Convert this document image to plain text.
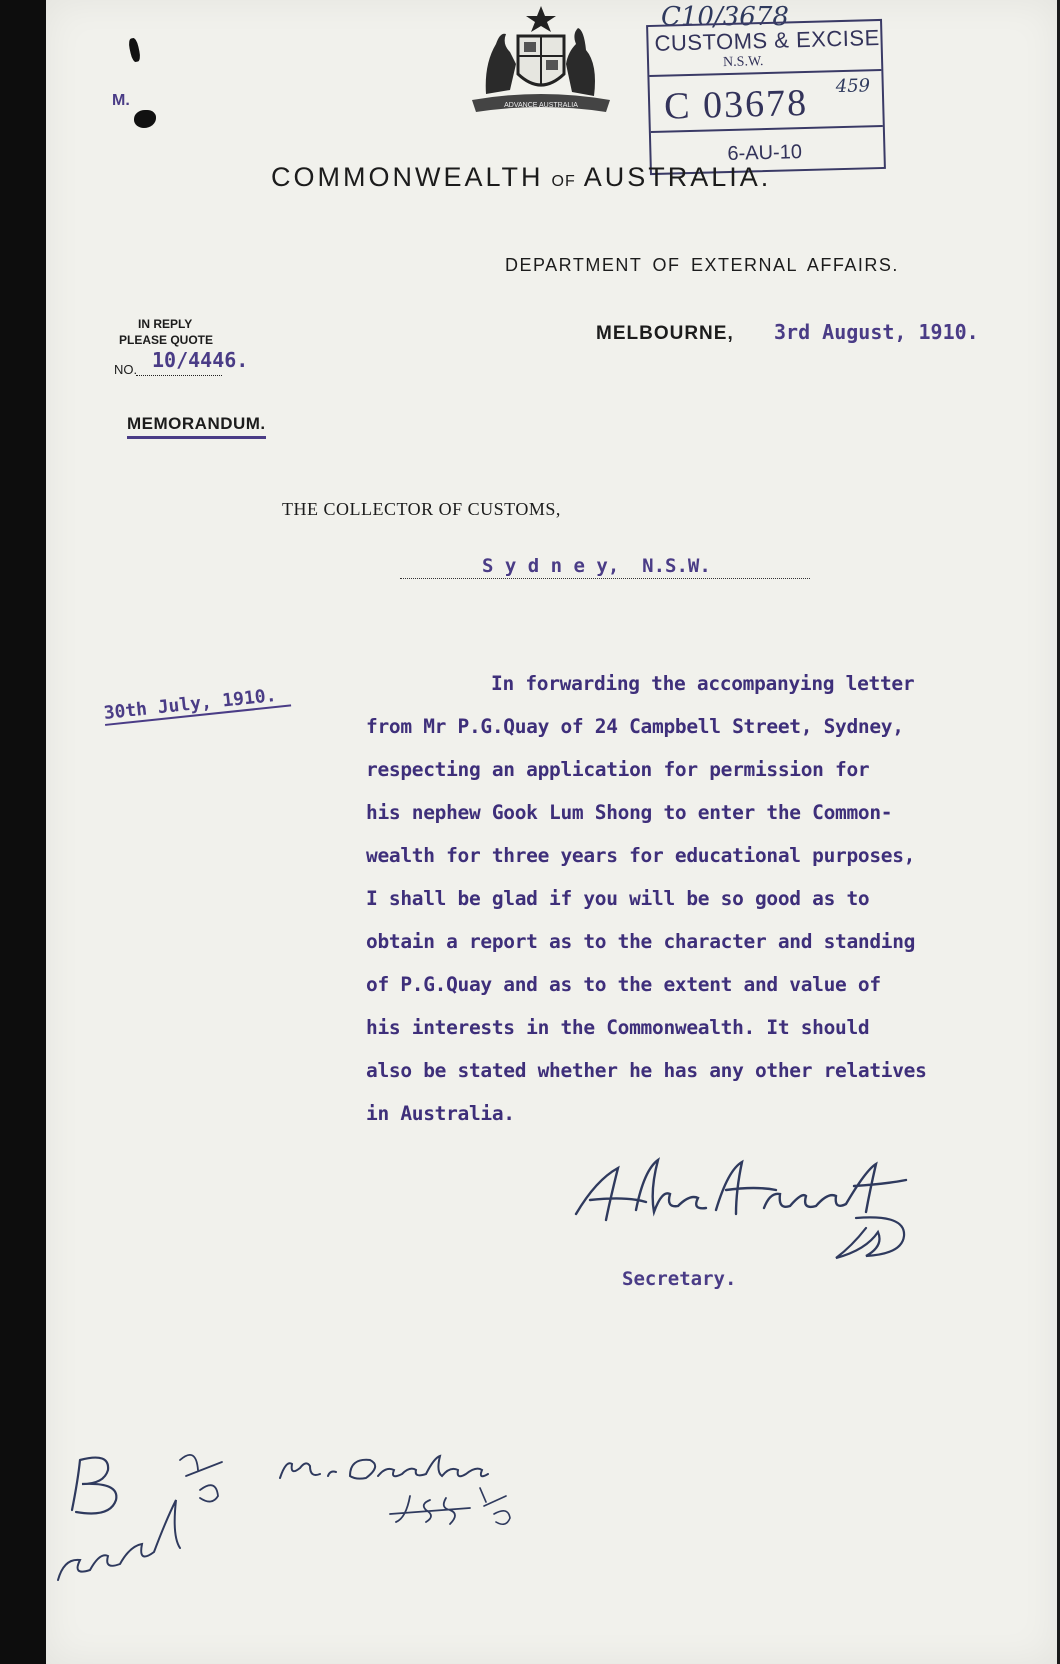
M.
C10/3678
ADVANCE AUSTRALIA
CUSTOMS & EXCISE
N.S.W.
C 03678 459
6-AU-10
COMMONWEALTH OF AUSTRALIA.
DEPARTMENT OF EXTERNAL AFFAIRS.
IN REPLY
PLEASE QUOTE
NO. 10/4446.
MELBOURNE, 3rd August, 1910.
MEMORANDUM.
THE COLLECTOR OF CUSTOMS,
S y d n e y,  N.S.W.
30th July, 1910.
In forwarding the accompanying letter
from Mr P.G.Quay of 24 Campbell Street, Sydney,
respecting an application for permission for
his nephew Gook Lum Shong to enter the Common-
wealth for three years for educational purposes,
I shall be glad if you will be so good as to
obtain a report as to the character and standing
of P.G.Quay and as to the extent and value of
his interests in the Commonwealth. It should
also be stated whether he has any other relatives
in Australia.
Secretary.
